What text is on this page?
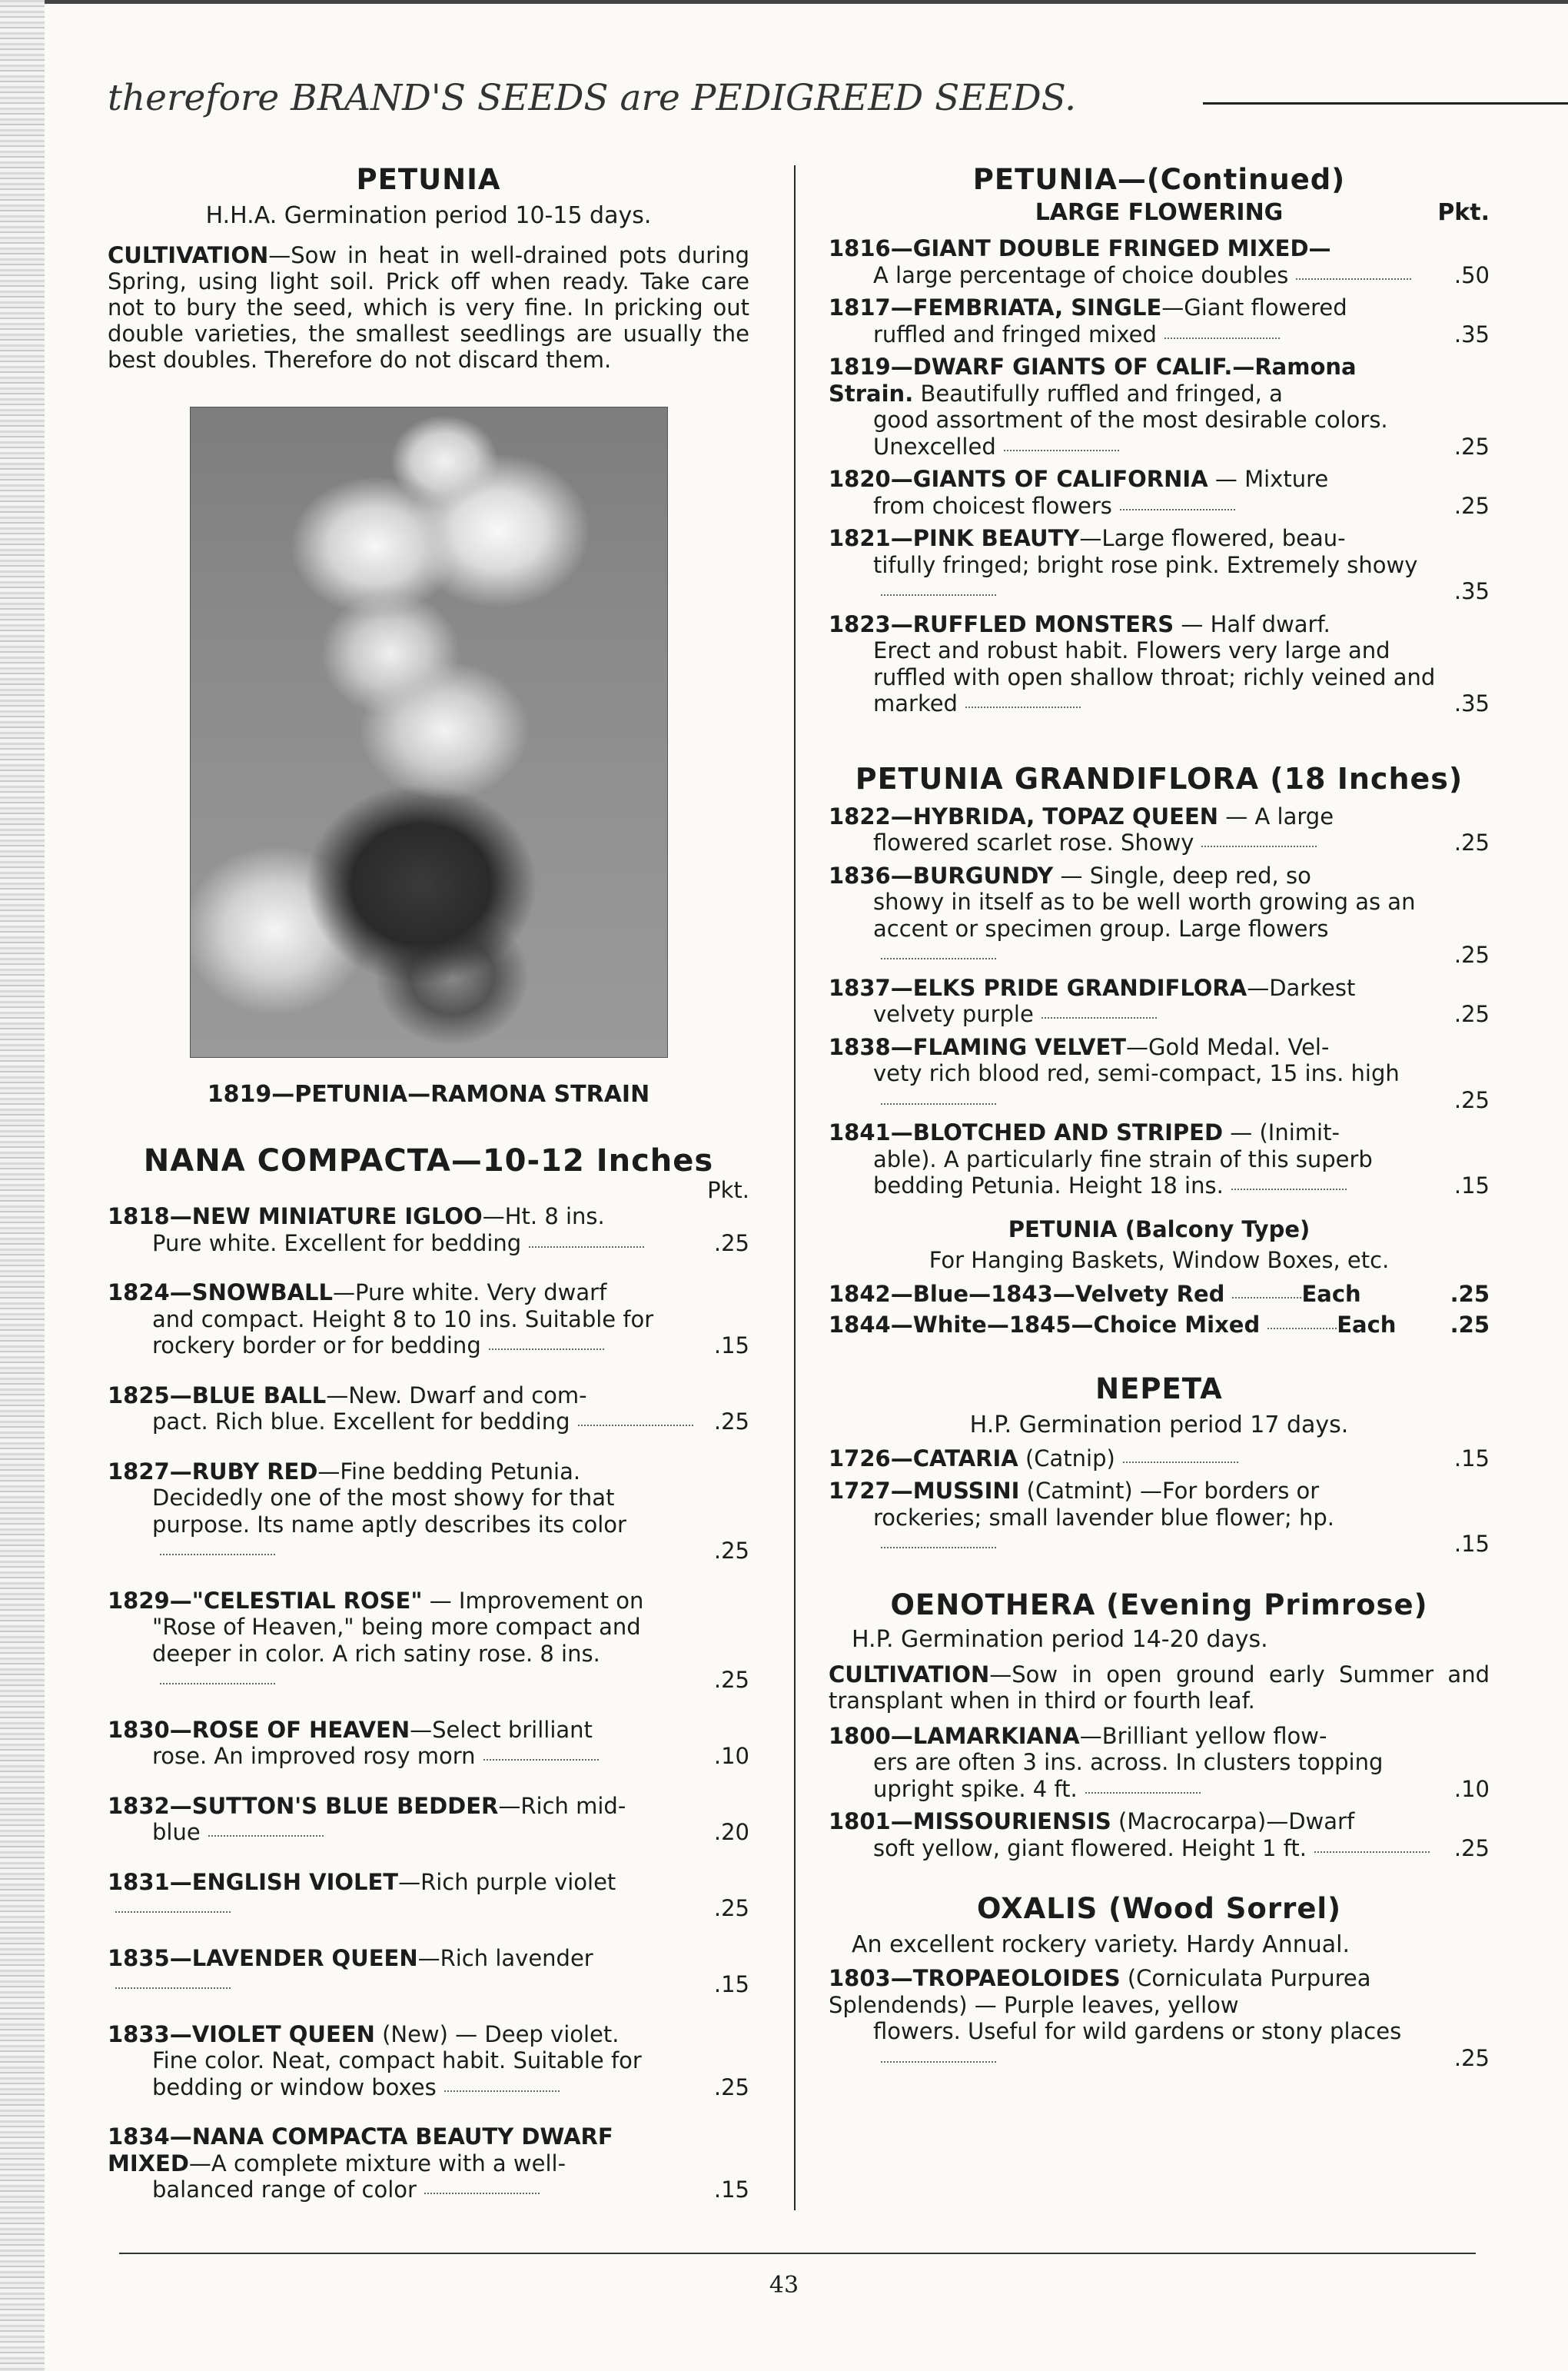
therefore BRAND'S SEEDS are PEDIGREED SEEDS.
PETUNIA
H.H.A. Germination period 10-15 days.

CULTIVATION—Sow in heat in well-drained pots during Spring, using light soil. Prick off when ready. Take care not to bury the seed, which is very fine. In pricking out double varieties, the smallest seedlings are usually the best doubles. Therefore do not discard them.

1819—PETUNIA—RAMONA STRAIN
NANA COMPACTA—10-12 Inches
Pkt.
1818—NEW MINIATURE IGLOO—Ht. 8 ins.
Pure white. Excellent for bedding	.25
1824—SNOWBALL—Pure white. Very dwarf
and compact. Height 8 to 10 ins. Suitable for rockery border or for bedding	.15
1825—BLUE BALL—New. Dwarf and com-
pact. Rich blue. Excellent for bedding	.25
1827—RUBY RED—Fine bedding Petunia.
Decidedly one of the most showy for that purpose. Its name aptly describes its color
.25
1829—"CELESTIAL ROSE" — Improvement on
"Rose of Heaven," being more compact and deeper in color. A rich satiny rose. 8 ins.
.25
1830—ROSE OF HEAVEN—Select brilliant
rose. An improved rosy morn	.10
1832—SUTTON'S BLUE BEDDER—Rich mid-
blue	.20
1831—ENGLISH VIOLET—Rich purple violet
.25
1835—LAVENDER QUEEN—Rich lavender
.15
1833—VIOLET QUEEN (New) — Deep violet.
Fine color. Neat, compact habit. Suitable for bedding or window boxes	.25
1834—NANA COMPACTA BEAUTY DWARF MIXED—A complete mixture with a well-
balanced range of color	.15
PETUNIA—(Continued)
LARGE FLOWERING	Pkt.
1816—GIANT DOUBLE FRINGED MIXED—
A large percentage of choice doubles	.50
1817—FEMBRIATA, SINGLE—Giant flowered
ruffled and fringed mixed	.35
1819—DWARF GIANTS OF CALIF.—Ramona Strain. Beautifully ruffled and fringed, a
good assortment of the most desirable colors. Unexcelled	.25
1820—GIANTS OF CALIFORNIA — Mixture
from choicest flowers	.25
1821—PINK BEAUTY—Large flowered, beau-
tifully fringed; bright rose pink. Extremely showy
.35
1823—RUFFLED MONSTERS — Half dwarf.
Erect and robust habit. Flowers very large and ruffled with open shallow throat; richly veined and marked	.35
PETUNIA GRANDIFLORA (18 Inches)
1822—HYBRIDA, TOPAZ QUEEN — A large
flowered scarlet rose. Showy	.25
1836—BURGUNDY — Single, deep red, so
showy in itself as to be well worth growing as an accent or specimen group. Large flowers
.25
1837—ELKS PRIDE GRANDIFLORA—Darkest
velvety purple	.25
1838—FLAMING VELVET—Gold Medal. Vel-
vety rich blood red, semi-compact, 15 ins. high
.25
1841—BLOTCHED AND STRIPED — (Inimit-
able). A particularly fine strain of this superb bedding Petunia. Height 18 ins.	.15
PETUNIA (Balcony Type)
For Hanging Baskets, Window Boxes, etc.
1842—Blue—1843—Velvety Red	Each	.25
1844—White—1845—Choice Mixed	Each	.25
NEPETA
H.P. Germination period 17 days.
1726—CATARIA (Catnip)	.15
1727—MUSSINI (Catmint) —For borders or
rockeries; small lavender blue flower; hp.
.15
OENOTHERA (Evening Primrose)
H.P. Germination period 14-20 days.

CULTIVATION—Sow in open ground early Summer and transplant when in third or fourth leaf.

1800—LAMARKIANA—Brilliant yellow flow-
ers are often 3 ins. across. In clusters topping upright spike. 4 ft.	.10
1801—MISSOURIENSIS (Macrocarpa)—Dwarf
soft yellow, giant flowered. Height 1 ft.	.25
OXALIS (Wood Sorrel)
An excellent rockery variety. Hardy Annual.
1803—TROPAEOLOIDES (Corniculata Purpurea Splendends) — Purple leaves, yellow
flowers. Useful for wild gardens or stony places
.25
43
